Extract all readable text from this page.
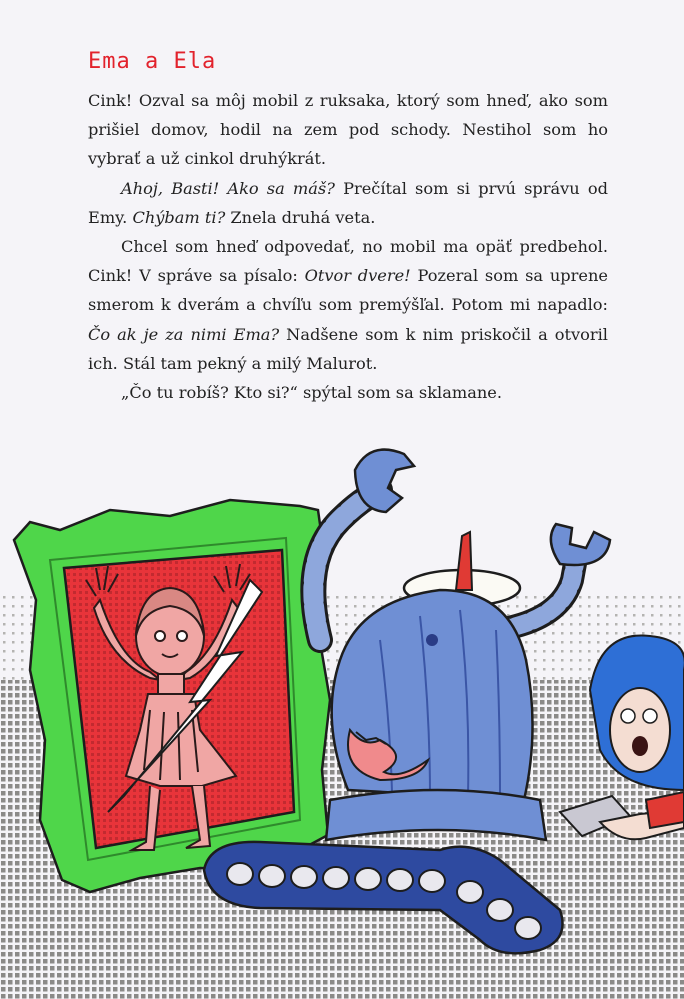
Ema a Ela

Cink! Ozval sa môj mobil z ruksaka, ktorý som hneď, ako som prišiel domov, hodil na zem pod schody. Nestihol som ho vybrať a už cinkol druhýkrát.

Ahoj, Basti! Ako sa máš? Prečítal som si prvú správu od Emy. Chýbam ti? Znela druhá veta.

Chcel som hneď odpovedať, no mobil ma opäť predbehol. Cink! V správe sa písalo: Otvor dvere! Pozeral som sa uprene smerom k dverám a chvíľu som premýšľal. Potom mi napadlo: Čo ak je za nimi Ema? Nadšene som k nim priskočil a otvoril ich. Stál tam pekný a milý Malurot.

„Čo tu robíš? Kto si?“ spýtal som sa sklamane.
